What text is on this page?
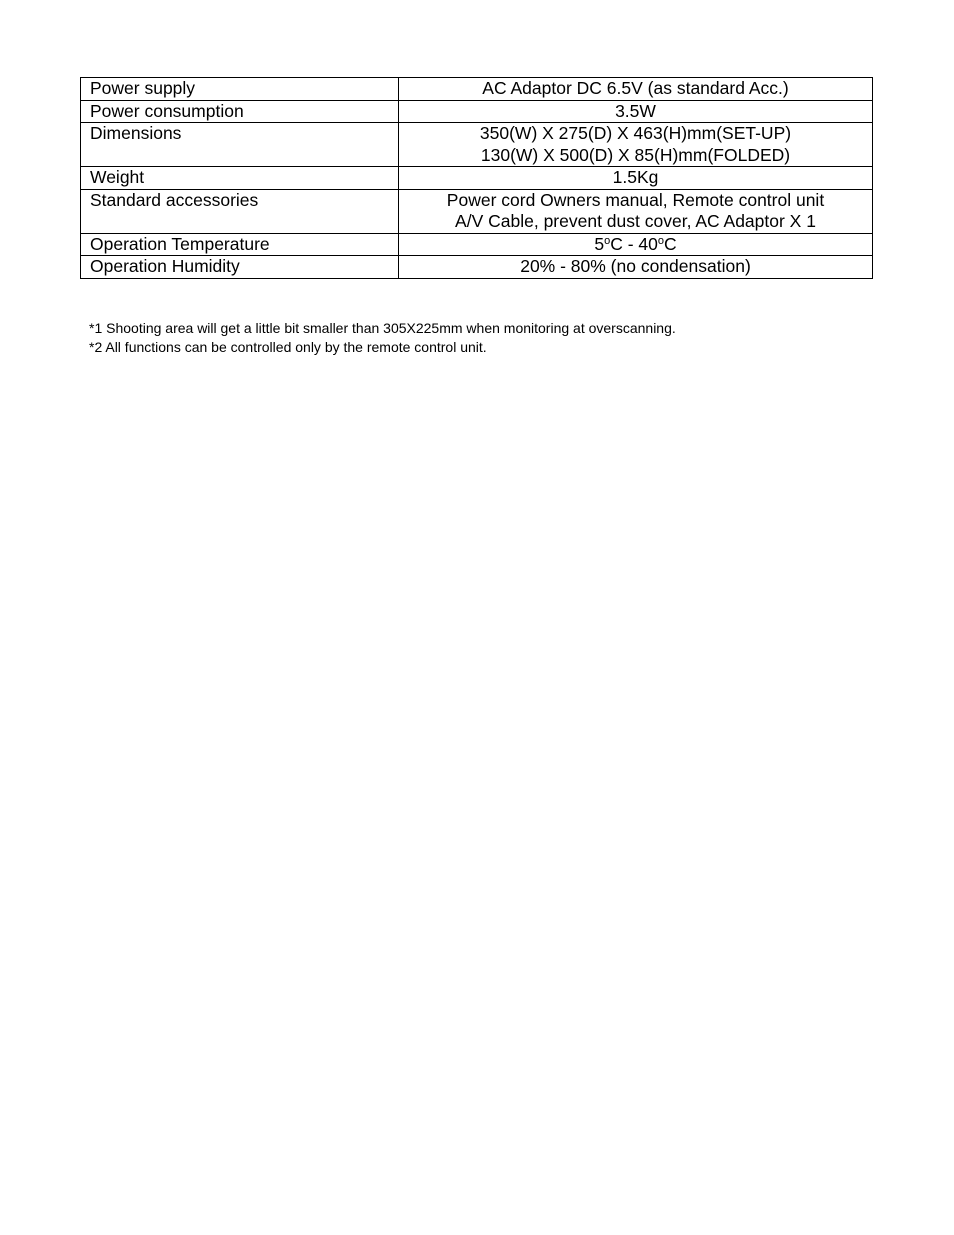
Power supply	AC Adaptor DC 6.5V (as standard Acc.)

Power consumption	3.5W

Dimensions	350(W) X 275(D) X 463(H)mm(SET-UP)
130(W) X 500(D) X 85(H)mm(FOLDED)

Weight	1.5Kg

Standard accessories	Power cord Owners manual, Remote control unit
A/V Cable, prevent dust cover, AC Adaptor X 1

Operation Temperature	5$^o$C - 40$^o$C

Operation Humidity	20% - 80% (no condensation)
*1 Shooting area will get a little bit smaller than 305X225mm when monitoring at overscanning.
*2 All functions can be controlled only by the remote control unit.
